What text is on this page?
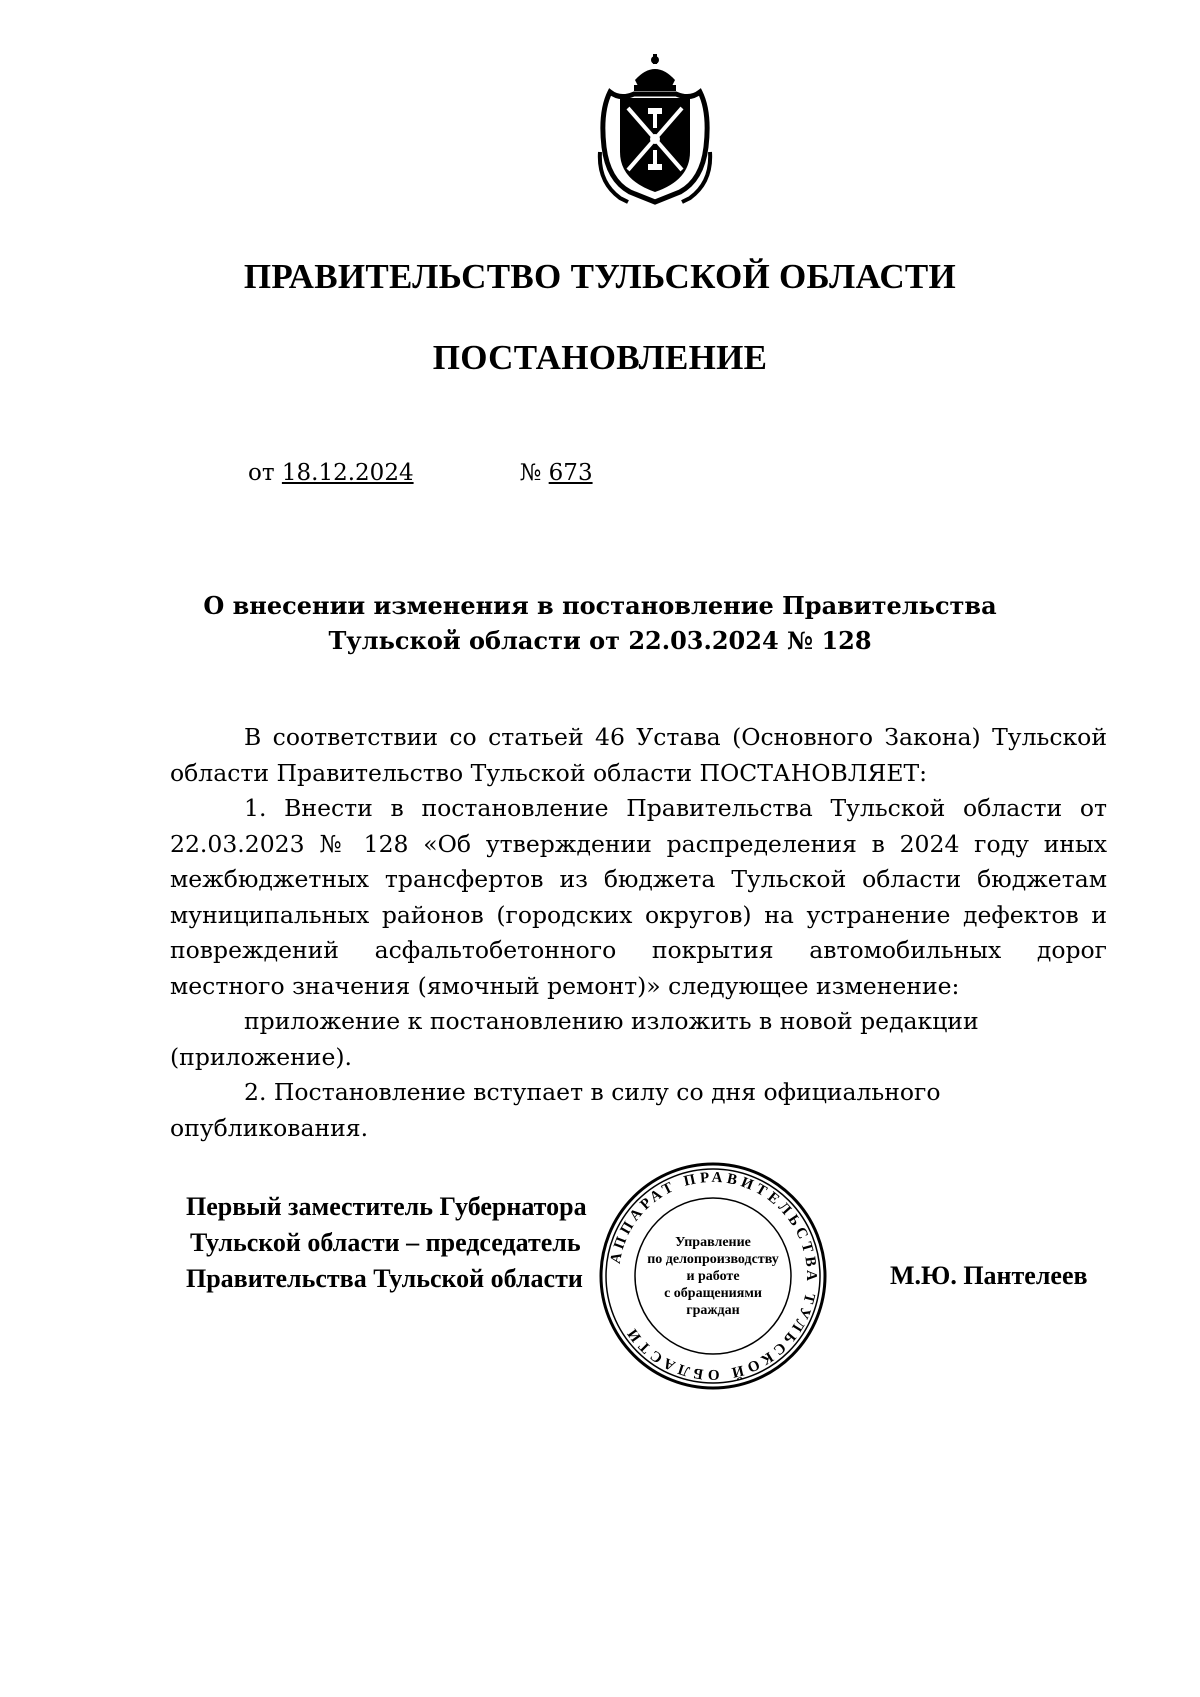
ПРАВИТЕЛЬСТВО ТУЛЬСКОЙ ОБЛАСТИ
ПОСТАНОВЛЕНИЕ
от 18.12.2024	№ 673
О внесении изменения в постановление Правительства
Тульской области от 22.03.2024 № 128

В соответствии со статьей 46 Устава (Основного Закона) Тульской области Правительство Тульской области ПОСТАНОВЛЯЕТ:

1. Внести в постановление Правительства Тульской области от 22.03.2023 № 128 «Об утверждении распределения в 2024 году иных межбюджетных трансфертов из бюджета Тульской области бюджетам муниципальных районов (городских округов) на устранение дефектов и повреждений асфальтобетонного покрытия автомобильных дорог местного значения (ямочный ремонт)» следующее изменение:

приложение к постановлению изложить в новой редакции (приложение).

2. Постановление вступает в силу со дня официального опубликования.

Первый заместитель Губернатора
Тульской области – председатель
Правительства Тульской области	М.Ю. Пантелеев
АППАРАТ ПРАВИТЕЛЬСТВА ТУЛЬСКОЙ ОБЛАСТИ
Управление
по делопроизводству
и работе
с обращениями
граждан
